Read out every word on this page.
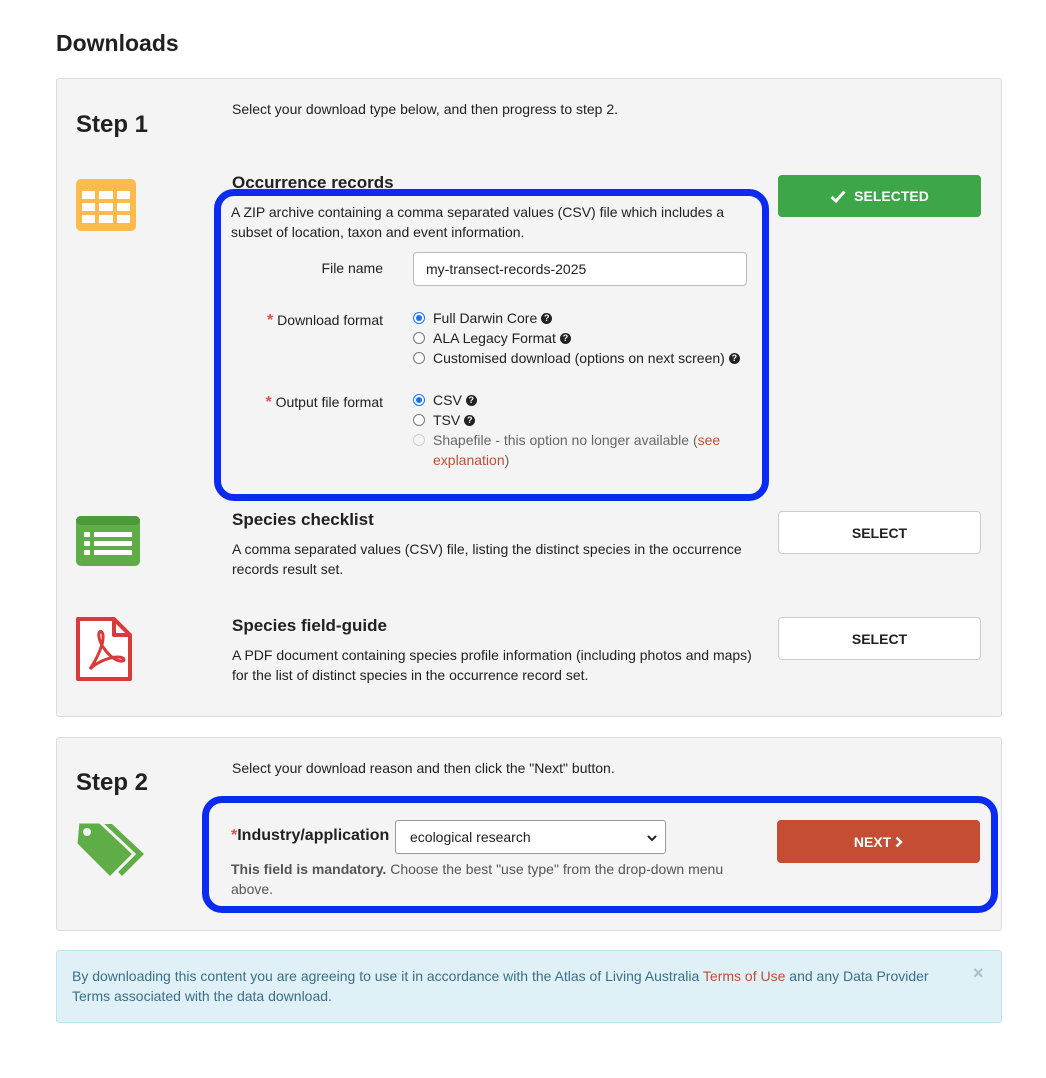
Downloads
Step 1
Select your download type below, and then progress to step 2.
Occurrence records
SELECTED
Species checklist
A comma separated values (CSV) file, listing the distinct species in the occurrence records result set.
SELECT
Species field-guide
A PDF document containing species profile information (including photos and maps) for the list of distinct species in the occurrence record set.
SELECT
A ZIP archive containing a comma separated values (CSV) file which includes a subset of location, taxon and event information.
File name
my-transect-records-2025
* Download format	Full Darwin Core ?
ALA Legacy Format ?
Customised download (options on next screen) ?
* Output file format	CSV ?
TSV ?
Shapefile - this option no longer available (see explanation)
Step 2
Select your download reason and then click the "Next" button.
*Industry/application ecological research
This field is mandatory. Choose the best "use type" from the drop-down menu above.
NEXT
By downloading this content you are agreeing to use it in accordance with the Atlas of Living Australia Terms of Use and any Data Provider Terms associated with the data download.
×
